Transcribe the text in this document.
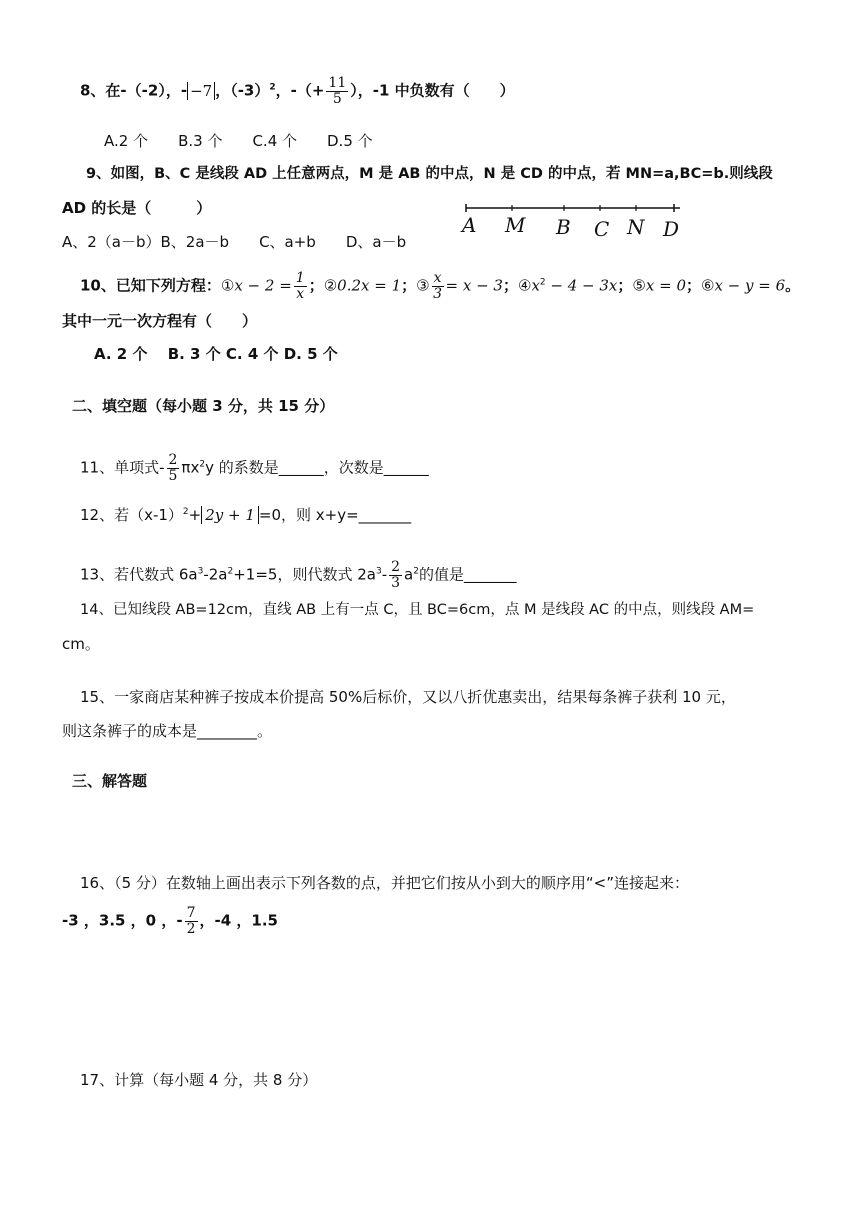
8、在-（-2），- −7 ，$(-3)^2$，-（+ $\frac{11}{5}$ ），-1 中负数有（　　）
A.2 个　　B.3 个　　C.4 个　　D.5 个
9、如图，B、C 是线段 AD 上任意两点，M 是 AB 的中点，N 是 CD 的中点，若 MN=a,BC=b.则线段
AD 的长是（　　　）
A、2（a－b）B、2a－b　　C、a+b　　D、a－b
A M B C N D
10、已知下列方程：①x − $2 = \frac{1}{x}$ ；②0.2x = 1；③ $\frac{x}{3} = x - 3$；$④x^2 - 4 - 3x$；⑤x = 0；⑥x − y = 6。
其中一元一次方程有（　　）
A. 2 个　 B. 3 个 C. 4 个 D. 5 个
二、填空题（每小题 3 分，共 15 分）
11、单项式- $\frac{2}{5} \pi x^2y$ 的系数是______，次数是______
12、若$(x-1)^2+ 2y + 1 =0$，则 x+y=_______
13、若代数式 $6a^3-2a^2+1=5$，则代数式 $2a^3- \frac{2}{3} a^2$的值是_______
14、已知线段 AB=12cm，直线 AB 上有一点 C，且 BC=6cm，点 M 是线段 AC 的中点，则线段 AM=
cm。
15、一家商店某种裤子按成本价提高 50%后标价，又以八折优惠卖出，结果每条裤子获利 10 元，
则这条裤子的成本是________。
三、解答题
16、（5 分）在数轴上画出表示下列各数的点，并把它们按从小到大的顺序用“<”连接起来：
-3 ，3.5 ，0 ，- $\frac{7}{2}$ ，-4 ，1.5
17、计算（每小题 4 分，共 8 分）
